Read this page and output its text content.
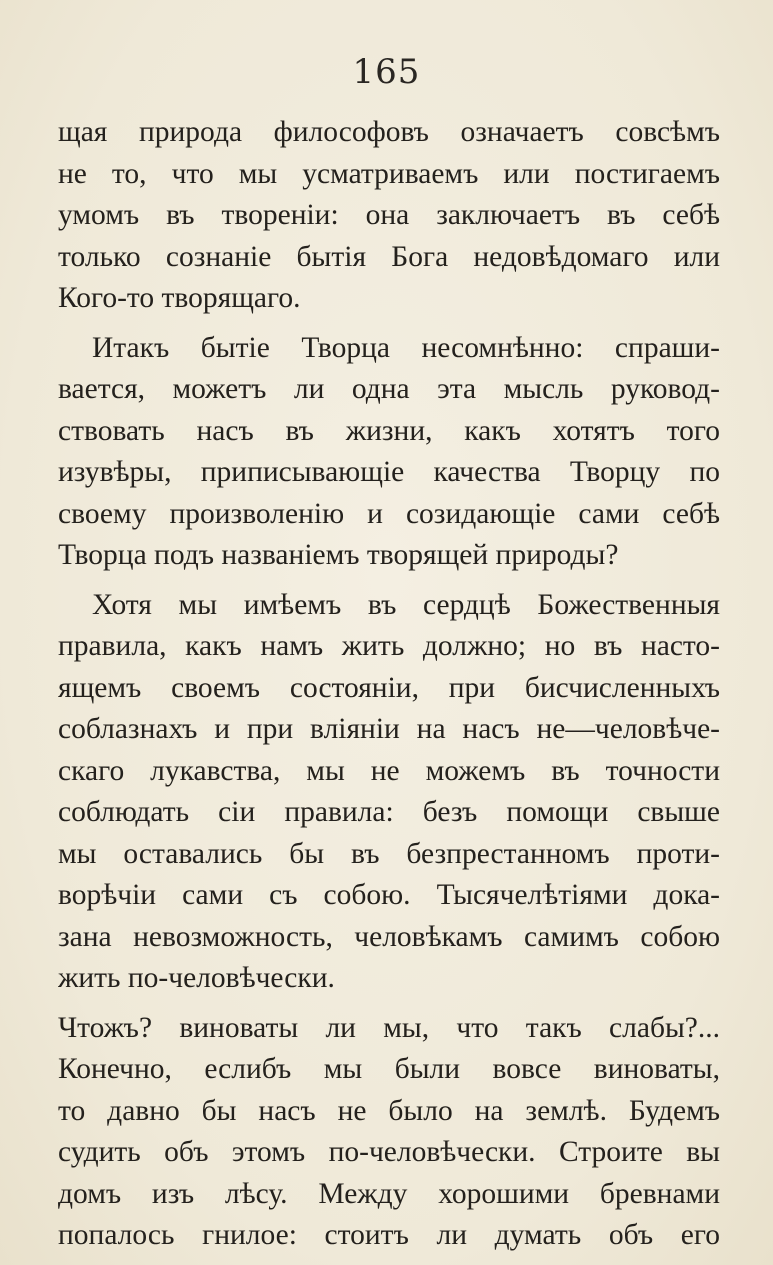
165
щая природа философовъ означаетъ совсѣмъ
не то, что мы усматриваемъ или постигаемъ
умомъ въ твореніи: она заключаетъ въ себѣ
только сознаніе бытія Бога недовѣдомаго или
Кого-то творящаго.
Итакъ бытіе Творца несомнѣнно: спраши-
вается, можетъ ли одна эта мысль руковод-
ствовать насъ въ жизни, какъ хотятъ того
изувѣры, приписывающіе качества Творцу по
своему произволенію и созидающіе сами себѣ
Творца подъ названіемъ творящей природы?
Хотя мы имѣемъ въ сердцѣ Божественныя
правила, какъ намъ жить должно; но въ насто-
ящемъ своемъ состояніи, при бисчисленныхъ
соблазнахъ и при вліяніи на насъ не—человѣче-
скаго лукавства, мы не можемъ въ точности
соблюдать сіи правила: безъ помощи свыше
мы оставались бы въ безпрестанномъ проти-
ворѣчіи сами съ собою. Тысячелѣтіями дока-
зана невозможность, человѣкамъ самимъ собою
жить по-человѣчески.
Чтожъ? виноваты ли мы, что такъ слабы?...
Конечно, еслибъ мы были вовсе виноваты,
то давно бы насъ не было на землѣ. Будемъ
судить объ этомъ по-человѣчески. Строите вы
домъ изъ лѣсу. Между хорошими бревнами
попалось гнилое: стоитъ ли думать объ его
